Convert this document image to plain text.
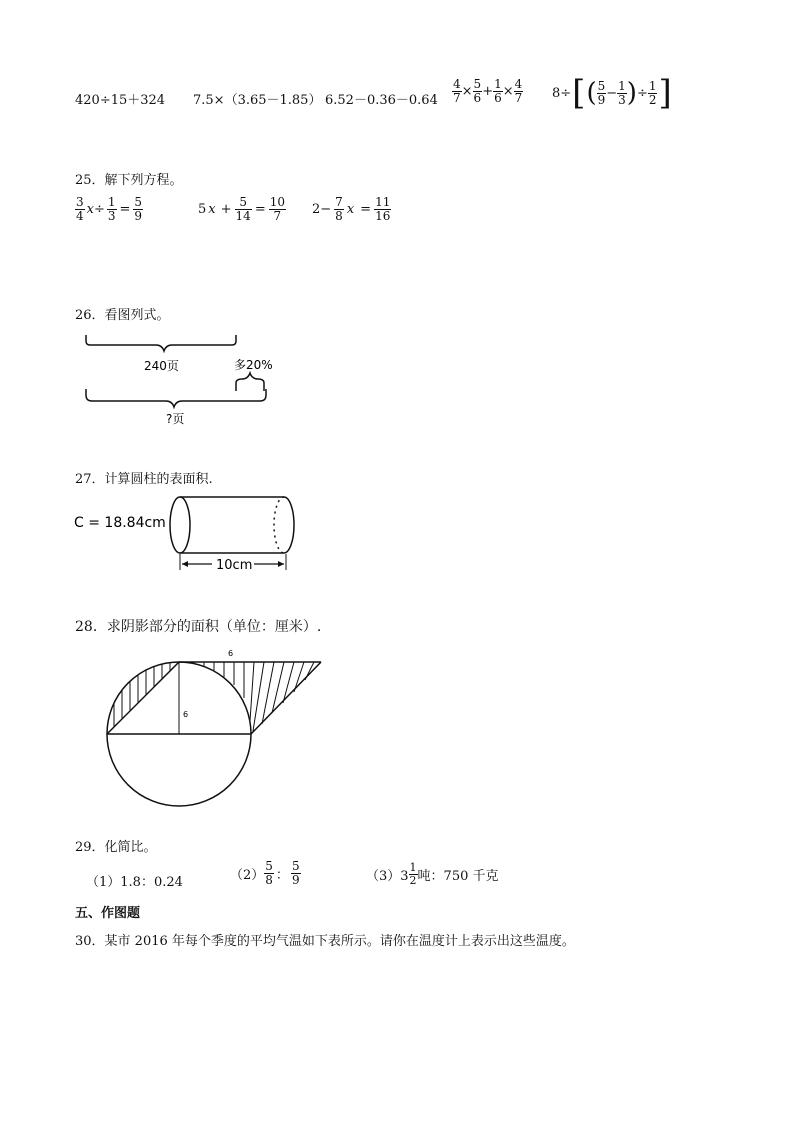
420÷15＋324 7.5×（3.65－1.85） $6.52-0.36-0.64 \frac{4}{7} \times \frac{5}{6} + \frac{1}{6} \times \frac{4}{7} 8\div$ [ ( $\frac{5}{9} - \frac{1}{3}$ ) ÷ $\frac{1}{2}$ ]
25．解下列方程。
$\frac{3}{4} x\div \frac{1}{3} = \frac{5}{9}$	5 $x + \frac{5}{14} = \frac{10}{7} 2- \frac{7}{8}$ $x = \frac{11}{16}$
26．看图列式。
240页	多20%
?页
27．计算圆柱的表面积.
C = 18.84cm
10cm
28．求阴影部分的面积（单位：厘米）.
6
6
29．化简比。
（1）1.8：0.24	$(2) \frac{5}{8}$ ： $\frac{5}{9}$	$(3)3 \frac{1}{2}$ 吨：750 千克
五、作图题
30．某市 2016 年每个季度的平均气温如下表所示。请你在温度计上表示出这些温度。
